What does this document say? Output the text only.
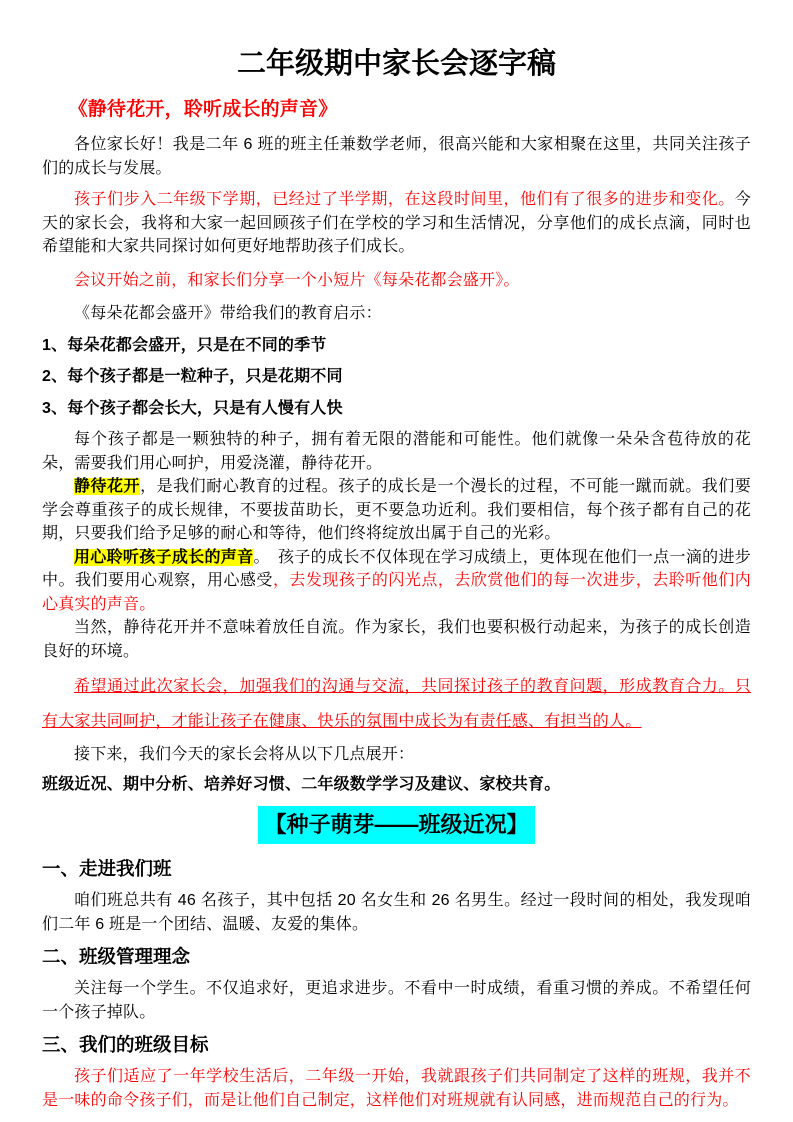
二年级期中家长会逐字稿

《静待花开，聆听成长的声音》

各位家长好！我是二年 6 班的班主任兼数学老师，很高兴能和大家相聚在这里，共同关注孩子们的成长与发展。

孩子们步入二年级下学期，已经过了半学期，在这段时间里，他们有了很多的进步和变化。今天的家长会，我将和大家一起回顾孩子们在学校的学习和生活情况，分享他们的成长点滴，同时也希望能和大家共同探讨如何更好地帮助孩子们成长。

会议开始之前，和家长们分享一个小短片《每朵花都会盛开》。

《每朵花都会盛开》带给我们的教育启示：

1、每朵花都会盛开，只是在不同的季节

2、每个孩子都是一粒种子，只是花期不同

3、每个孩子都会长大，只是有人慢有人快

每个孩子都是一颗独特的种子，拥有着无限的潜能和可能性。他们就像一朵朵含苞待放的花朵，需要我们用心呵护，用爱浇灌，静待花开。

静待花开，是我们耐心教育的过程。孩子的成长是一个漫长的过程，不可能一蹴而就。我们要学会尊重孩子的成长规律，不要拔苗助长，更不要急功近利。我们要相信，每个孩子都有自己的花期，只要我们给予足够的耐心和等待，他们终将绽放出属于自己的光彩。

用心聆听孩子成长的声音。　孩子的成长不仅体现在学习成绩上，更体现在他们一点一滴的进步中。我们要用心观察，用心感受，去发现孩子的闪光点，去欣赏他们的每一次进步，去聆听他们内心真实的声音。

当然，静待花开并不意味着放任自流。作为家长，我们也要积极行动起来，为孩子的成长创造良好的环境。

希望通过此次家长会，加强我们的沟通与交流，共同探讨孩子的教育问题，形成教育合力。只有大家共同呵护，才能让孩子在健康、快乐的氛围中成长为有责任感、有担当的人。

接下来，我们今天的家长会将从以下几点展开：

班级近况、期中分析、培养好习惯、二年级数学学习及建议、家校共育。

【种子萌芽——班级近况】
一、走进我们班

咱们班总共有 46 名孩子，其中包括 20 名女生和 26 名男生。经过一段时间的相处，我发现咱们二年 6 班是一个团结、温暖、友爱的集体。

二、班级管理理念

关注每一个学生。不仅追求好，更追求进步。不看中一时成绩，看重习惯的养成。不希望任何一个孩子掉队。

三、我们的班级目标

孩子们适应了一年学校生活后，二年级一开始，我就跟孩子们共同制定了这样的班规，我并不是一味的命令孩子们，而是让他们自己制定，这样他们对班规就有认同感，进而规范自己的行为。
